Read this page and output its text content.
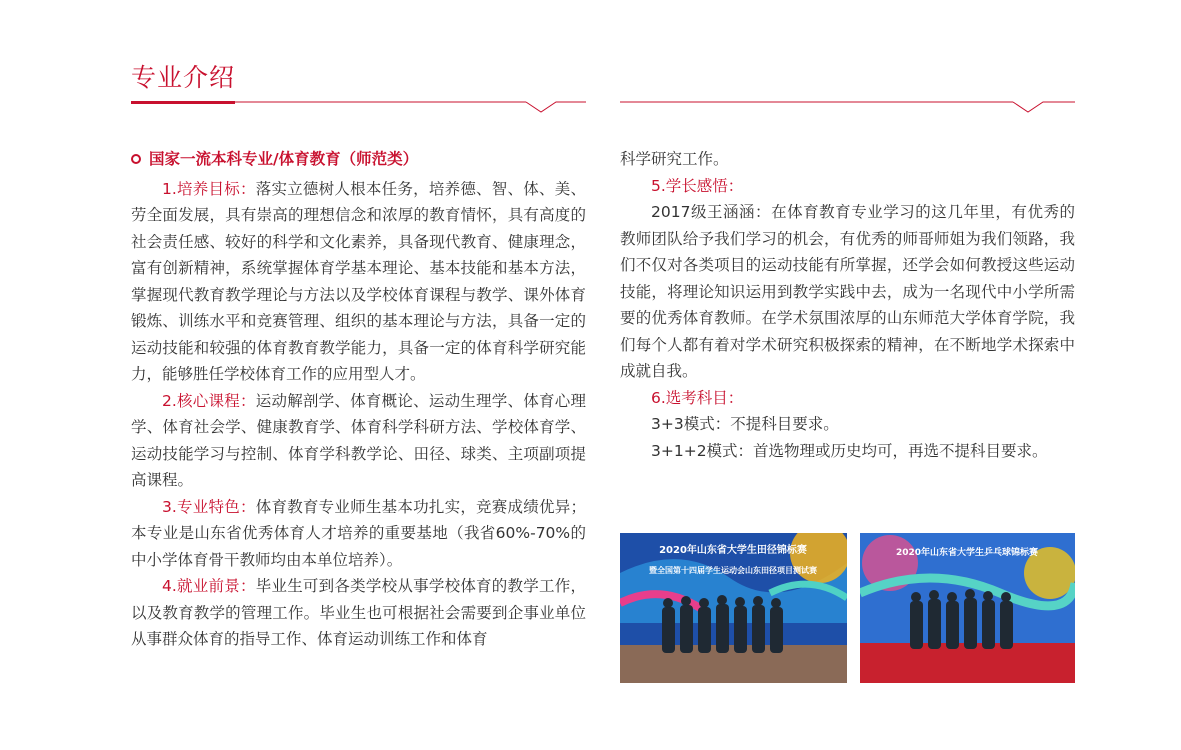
专业介绍
国家一流本科专业/体育教育（师范类）

1.培养目标：落实立德树人根本任务，培养德、智、体、美、劳全面发展，具有崇高的理想信念和浓厚的教育情怀，具有高度的社会责任感、较好的科学和文化素养，具备现代教育、健康理念，富有创新精神，系统掌握体育学基本理论、基本技能和基本方法，掌握现代教育教学理论与方法以及学校体育课程与教学、课外体育锻炼、训练水平和竞赛管理、组织的基本理论与方法，具备一定的运动技能和较强的体育教育教学能力，具备一定的体育科学研究能力，能够胜任学校体育工作的应用型人才。

2.核心课程：运动解剖学、体育概论、运动生理学、体育心理学、体育社会学、健康教育学、体育科学科研方法、学校体育学、运动技能学习与控制、体育学科教学论、田径、球类、主项副项提高课程。

3.专业特色：体育教育专业师生基本功扎实，竞赛成绩优异；本专业是山东省优秀体育人才培养的重要基地（我省60%-70%的中小学体育骨干教师均由本单位培养）。

4.就业前景：毕业生可到各类学校从事学校体育的教学工作，以及教育教学的管理工作。毕业生也可根据社会需要到企事业单位从事群众体育的指导工作、体育运动训练工作和体育

科学研究工作。

5.学长感悟：

2017级王涵涵：在体育教育专业学习的这几年里，有优秀的教师团队给予我们学习的机会，有优秀的师哥师姐为我们领路，我们不仅对各类项目的运动技能有所掌握，还学会如何教授这些运动技能，将理论知识运用到教学实践中去，成为一名现代中小学所需要的优秀体育教师。在学术氛围浓厚的山东师范大学体育学院，我们每个人都有着对学术研究积极探索的精神，在不断地学术探索中成就自我。

6.选考科目：

3+3模式：不提科目要求。

3+1+2模式：首选物理或历史均可，再选不提科目要求。

2020年山东省大学生田径锦标赛
暨全国第十四届学生运动会山东田径项目测试赛
2020年山东省大学生乒乓球锦标赛
